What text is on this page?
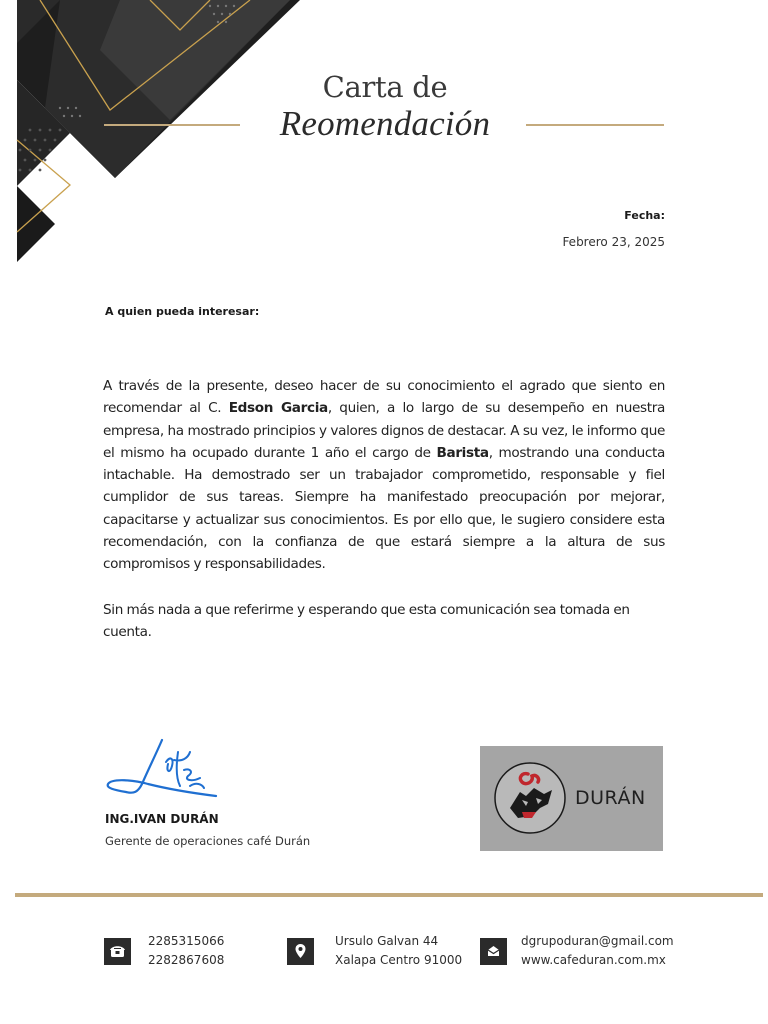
Carta de
Reomendación
Fecha:
Febrero 23, 2025
A quien pueda interesar:
A través de la presente, deseo hacer de su conocimiento el agrado que siento en recomendar al C. Edson Garcia, quien, a lo largo de su desempeño en nuestra empresa, ha mostrado principios y valores dignos de destacar. A su vez, le informo que el mismo ha ocupado durante 1 año el cargo de Barista, mostrando una conducta intachable. Ha demostrado ser un trabajador comprometido, responsable y fiel cumplidor de sus tareas. Siempre ha manifestado preocupación por mejorar, capacitarse y actualizar sus conocimientos. Es por ello que, le sugiero considere esta recomendación, con la confianza de que estará siempre a la altura de sus compromisos y responsabilidades.
Sin más nada a que referirme y esperando que esta comunicación sea tomada en cuenta.
ING.IVAN DURÁN
Gerente de operaciones café Durán
DURÁN
2285315066
2282867608
Ursulo Galvan 44
Xalapa Centro 91000
dgrupoduran@gmail.com
www.cafeduran.com.mx
